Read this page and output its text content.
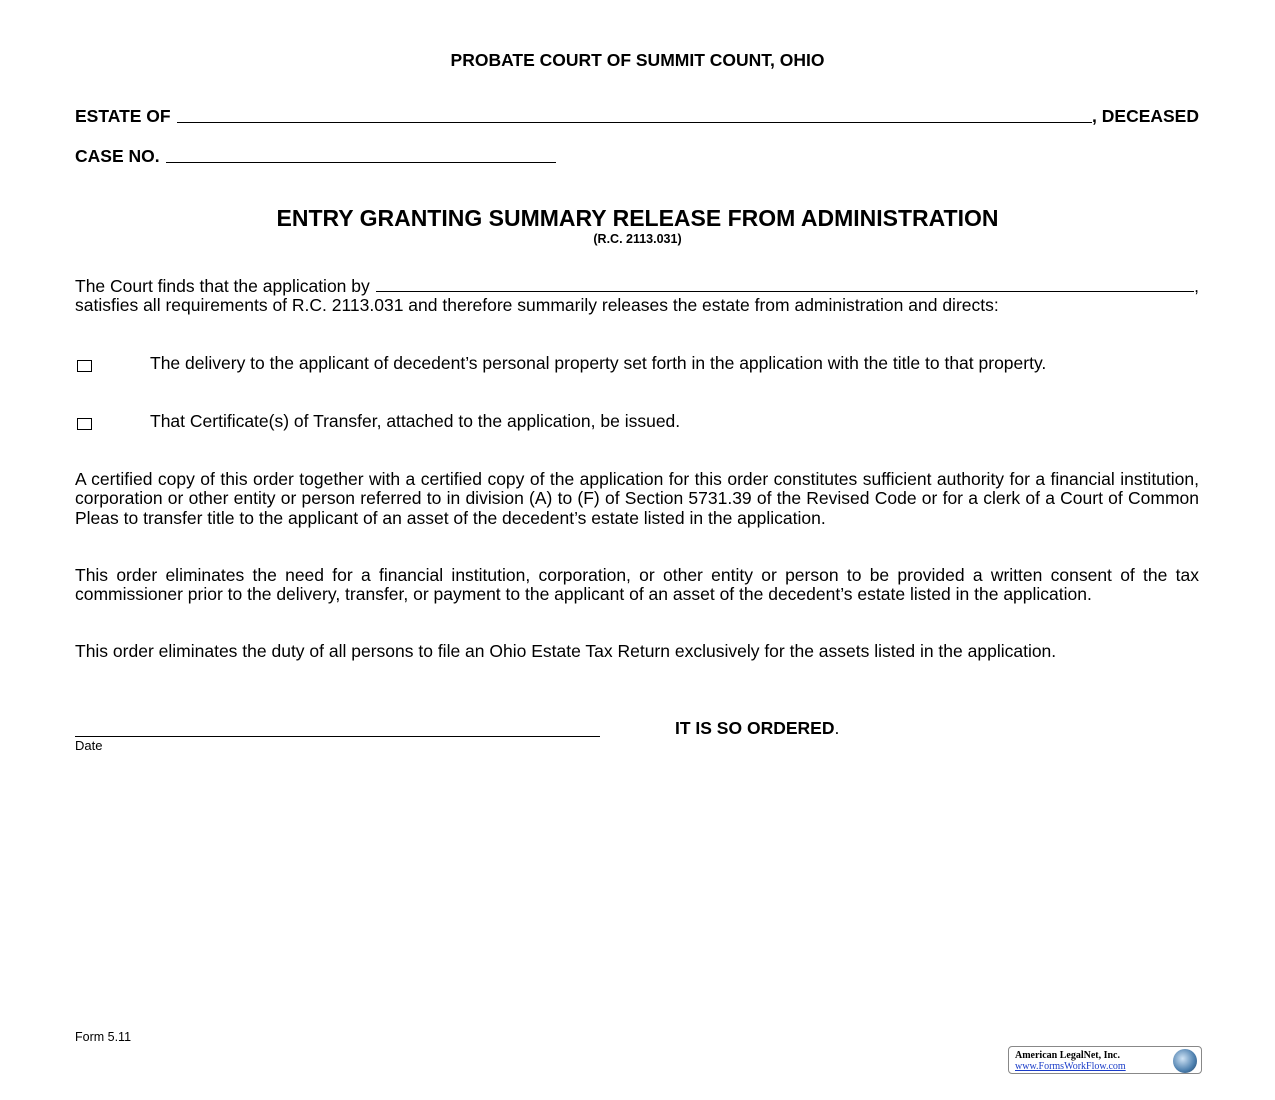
PROBATE COURT OF SUMMIT COUNT, OHIO
ESTATE OF	, DECEASED
CASE NO.
ENTRY GRANTING SUMMARY RELEASE FROM ADMINISTRATION
(R.C. 2113.031)
The Court finds that the application by	,
satisfies all requirements of R.C. 2113.031 and therefore summarily releases the estate from administration and directs:
The delivery to the applicant of decedent’s personal property set forth in the application with the title to that property.
That Certificate(s) of Transfer, attached to the application, be issued.
A certified copy of this order together with a certified copy of the application for this order constitutes sufficient authority for a financial institution, corporation or other entity or person referred to in division (A) to (F) of Section 5731.39 of the Revised Code or for a clerk of a Court of Common Pleas to transfer title to the applicant of an asset of the decedent’s estate listed in the application.
This order eliminates the need for a financial institution, corporation, or other entity or person to be provided a written consent of the tax commissioner prior to the delivery, transfer, or payment to the applicant of an asset of the decedent’s estate listed in the application.
This order eliminates the duty of all persons to file an Ohio Estate Tax Return exclusively for the assets listed in the application.
Date
IT IS SO ORDERED.
Form 5.11
American LegalNet, Inc.
www.FormsWorkFlow.com
